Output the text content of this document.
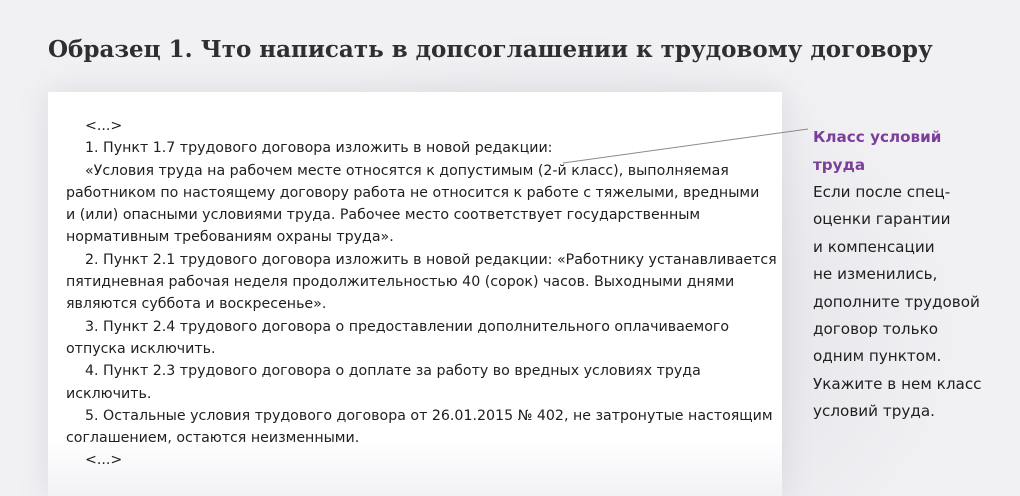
Образец 1. Что написать в допсоглашении к трудовому договору
<...>
1. Пункт 1.7 трудового договора изложить в новой редакции:
«Условия труда на рабочем месте относятся к допустимым (2-й класс), выполняемая
работником по настоящему договору работа не относится к работе с тяжелыми, вредными
и (или) опасными условиями труда. Рабочее место соответствует государственным
нормативным требованиям охраны труда».
2. Пункт 2.1 трудового договора изложить в новой редакции: «Работнику устанавливается
пятидневная рабочая неделя продолжительностью 40 (сорок) часов. Выходными днями
являются суббота и воскресенье».
3. Пункт 2.4 трудового договора о предоставлении дополнительного оплачиваемого
отпуска исключить.
4. Пункт 2.3 трудового договора о доплате за работу во вредных условиях труда
исключить.
5. Остальные условия трудового договора от 26.01.2015 № 402, не затронутые настоящим
соглашением, остаются неизменными.
<...>
Класс условий
труда
Если после спец-
оценки гарантии
и компенсации
не изменились,
дополните трудовой
договор только
одним пунктом.
Укажите в нем класс
условий труда.
